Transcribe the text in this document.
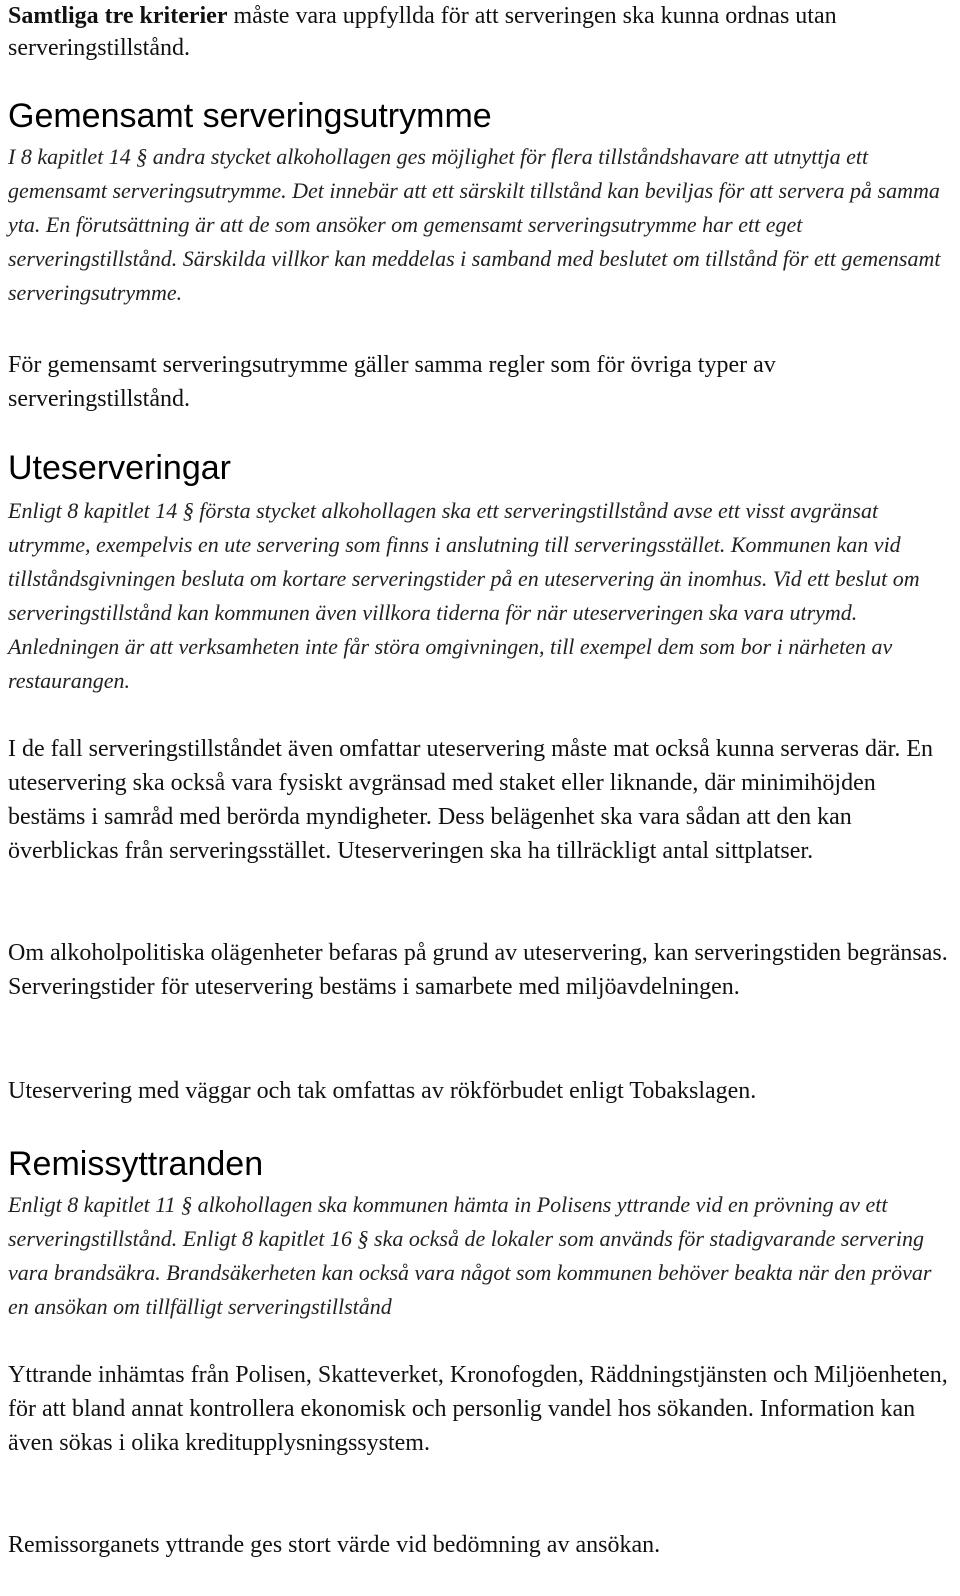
Samtliga tre kriterier måste vara uppfyllda för att serveringen ska kunna ordnas utan serveringstillstånd.

Gemensamt serveringsutrymme

I 8 kapitlet 14 § andra stycket alkohollagen ges möjlighet för flera tillståndshavare att utnyttja ett gemensamt serveringsutrymme. Det innebär att ett särskilt tillstånd kan beviljas för att servera på samma yta. En förutsättning är att de som ansöker om gemensamt serveringsutrymme har ett eget serveringstillstånd. Särskilda villkor kan meddelas i samband med beslutet om tillstånd för ett gemensamt serveringsutrymme.

För gemensamt serveringsutrymme gäller samma regler som för övriga typer av serveringstillstånd.

Uteserveringar

Enligt 8 kapitlet 14 § första stycket alkohollagen ska ett serveringstillstånd avse ett visst avgränsat utrymme, exempelvis en ute servering som finns i anslutning till serveringsstället. Kommunen kan vid tillståndsgivningen besluta om kortare serveringstider på en uteservering än inomhus. Vid ett beslut om serveringstillstånd kan kommunen även villkora tiderna för när uteserveringen ska vara utrymd. Anledningen är att verksamheten inte får störa omgivningen, till exempel dem som bor i närheten av restaurangen.

I de fall serveringstillståndet även omfattar uteservering måste mat också kunna serveras där. En uteservering ska också vara fysiskt avgränsad med staket eller liknande, där minimihöjden bestäms i samråd med berörda myndigheter. Dess belägenhet ska vara sådan att den kan överblickas från serveringsstället. Uteserveringen ska ha tillräckligt antal sittplatser.

Om alkoholpolitiska olägenheter befaras på grund av uteservering, kan serveringstiden begränsas. Serveringstider för uteservering bestäms i samarbete med miljöavdelningen.

Uteservering med väggar och tak omfattas av rökförbudet enligt Tobakslagen.

Remissyttranden

Enligt 8 kapitlet 11 § alkohollagen ska kommunen hämta in Polisens yttrande vid en prövning av ett serveringstillstånd. Enligt 8 kapitlet 16 § ska också de lokaler som används för stadigvarande servering vara brandsäkra. Brandsäkerheten kan också vara något som kommunen behöver beakta när den prövar en ansökan om tillfälligt serveringstillstånd

Yttrande inhämtas från Polisen, Skatteverket, Kronofogden, Räddningstjänsten och Miljöenheten, för att bland annat kontrollera ekonomisk och personlig vandel hos sökanden. Information kan även sökas i olika kreditupplysningssystem.

Remissorganets yttrande ges stort värde vid bedömning av ansökan.
